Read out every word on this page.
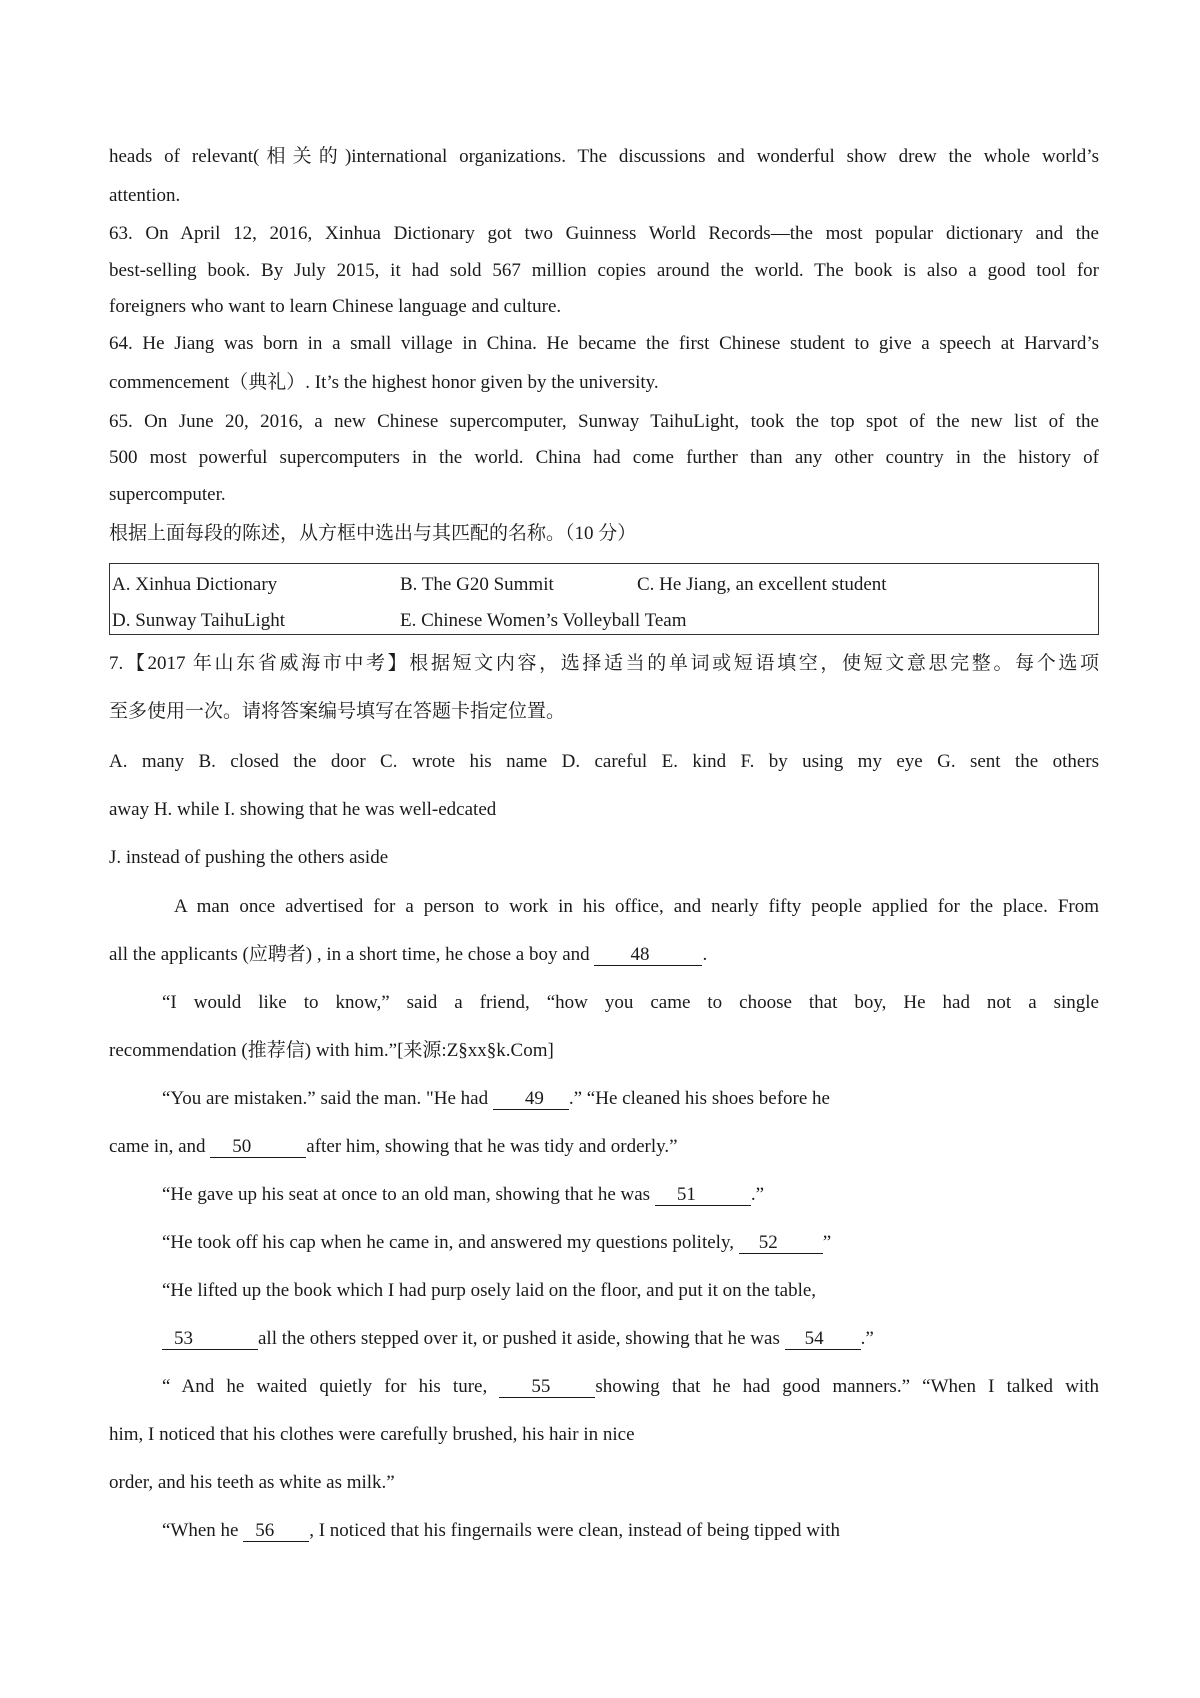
heads of relevant(相关的)international organizations. The discussions and wonderful show drew the whole world’s
attention.
63. On April 12, 2016, Xinhua Dictionary got two Guinness World Records—the most popular dictionary and the
best-selling book. By July 2015, it had sold 567 million copies around the world. The book is also a good tool for
foreigners who want to learn Chinese language and culture.
64. He Jiang was born in a small village in China. He became the first Chinese student to give a speech at Harvard’s
commencement（典礼）. It’s the highest honor given by the university.
65. On June 20, 2016, a new Chinese supercomputer, Sunway TaihuLight, took the top spot of the new list of the
500 most powerful supercomputers in the world. China had come further than any other country in the history of
supercomputer.
根据上面每段的陈述，从方框中选出与其匹配的名称。（10 分）
A. Xinhua Dictionary	B. The G20 Summit	C. He Jiang, an excellent student
D. Sunway TaihuLight	E. Chinese Women’s Volleyball Team
7.【2017 年山东省威海市中考】根据短文内容，选择适当的单词或短语填空，使短文意思完整。每个选项
至多使用一次。请将答案编号填写在答题卡指定位置。
A. many B. closed the door C. wrote his name D. careful E. kind F. by using my eye G. sent the others
away H. while I. showing that he was well-edcated
J. instead of pushing the others aside
A man once advertised for a person to work in his office, and nearly fifty people applied for the place. From
all the applicants (应聘者) , in a short time, he chose a boy and 48	.
“I would like to know,” said a friend, “how you came to choose that boy, He had not a single
recommendation (推荐信) with him.”[来源:Z§xx§k.Com]
“You are mistaken.” said the man. "He had 49 .” “He cleaned his shoes before he
came in, and 50	after him, showing that he was tidy and orderly.”
“He gave up his seat at once to an old man, showing that he was 51	.”
“He took off his cap when he came in, and answered my questions politely, 52 ”
“He lifted up the book which I had purp osely laid on the floor, and put it on the table,
53	all the others stepped over it, or pushed it aside, showing that he was 54 .”
“ And he waited quietly for his ture, 55 showing that he had good manners.” “When I talked with
him, I noticed that his clothes were carefully brushed, his hair in nice
order, and his teeth as white as milk.”
“When he 56 , I noticed that his fingernails were clean, instead of being tipped with
